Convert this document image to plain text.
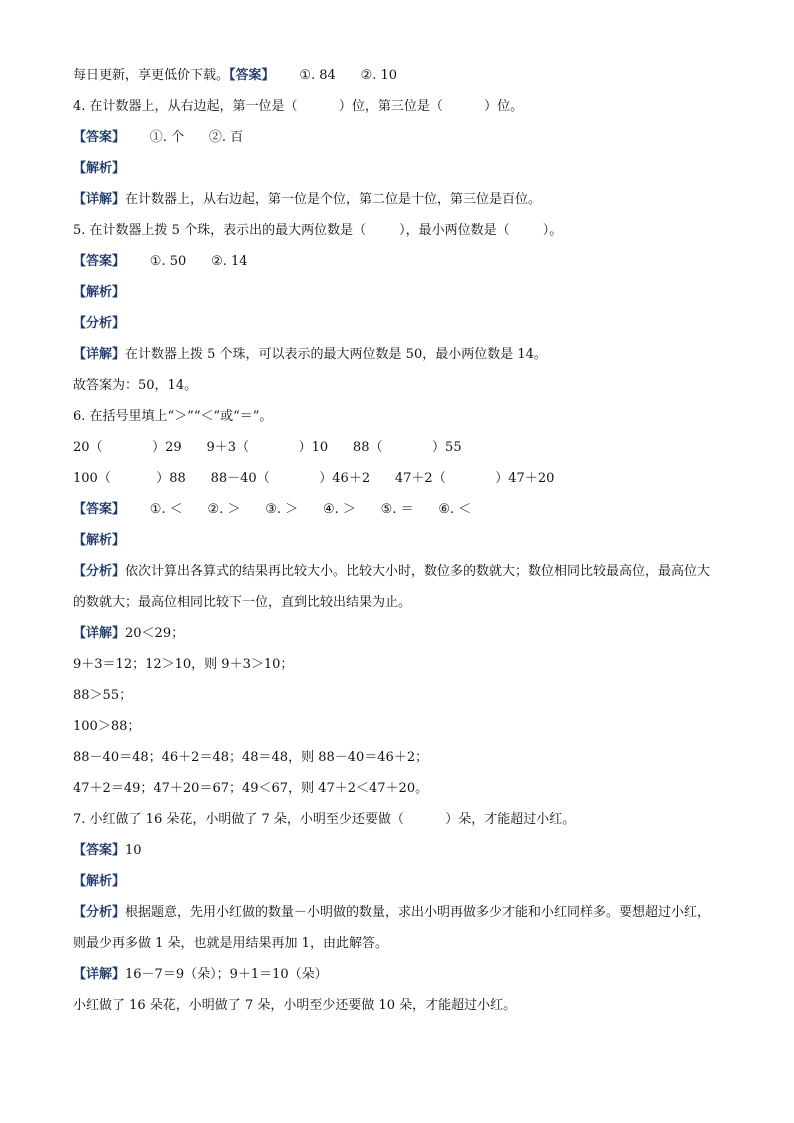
每日更新，享更低价下载。【答案】      ①. 84      ②. 10
4. 在计数器上，从右边起，第一位是（          ）位，第三位是（          ）位。
【答案】      ①. 个      ②. 百
【解析】
【详解】在计数器上，从右边起，第一位是个位，第二位是十位，第三位是百位。
5. 在计数器上拨 5 个珠，表示出的最大两位数是（        ），最小两位数是（        ）。
【答案】      ①. 50      ②. 14
【解析】
【分析】
【详解】在计数器上拨 5 个珠，可以表示的最大两位数是 50，最小两位数是 14。
故答案为：50，14。
6. 在括号里填上“＞”“＜”或“＝”。
20（            ）29      9＋3（            ）10      88（            ）55
100（           ）88      88－40（            ）46＋2      47＋2（            ）47＋20
【答案】      ①. ＜      ②. ＞      ③. ＞      ④. ＞      ⑤. ＝      ⑥. ＜
【解析】
【分析】依次计算出各算式的结果再比较大小。比较大小时，数位多的数就大；数位相同比较最高位，最高位大的数就大；最高位相同比较下一位，直到比较出结果为止。
【详解】20＜29；
9＋3＝12；12＞10，则 9＋3＞10；
88＞55；
100＞88；
88－40＝48；46＋2＝48；48＝48，则 88－40＝46＋2；
47＋2＝49；47＋20＝67；49＜67，则 47＋2＜47＋20。
7. 小红做了 16 朵花，小明做了 7 朵，小明至少还要做（          ）朵，才能超过小红。
【答案】10
【解析】
【分析】根据题意，先用小红做的数量－小明做的数量，求出小明再做多少才能和小红同样多。要想超过小红，则最少再多做 1 朵，也就是用结果再加 1，由此解答。
【详解】16－7＝9（朵）；9＋1＝10（朵）
小红做了 16 朵花，小明做了 7 朵，小明至少还要做 10 朵，才能超过小红。
